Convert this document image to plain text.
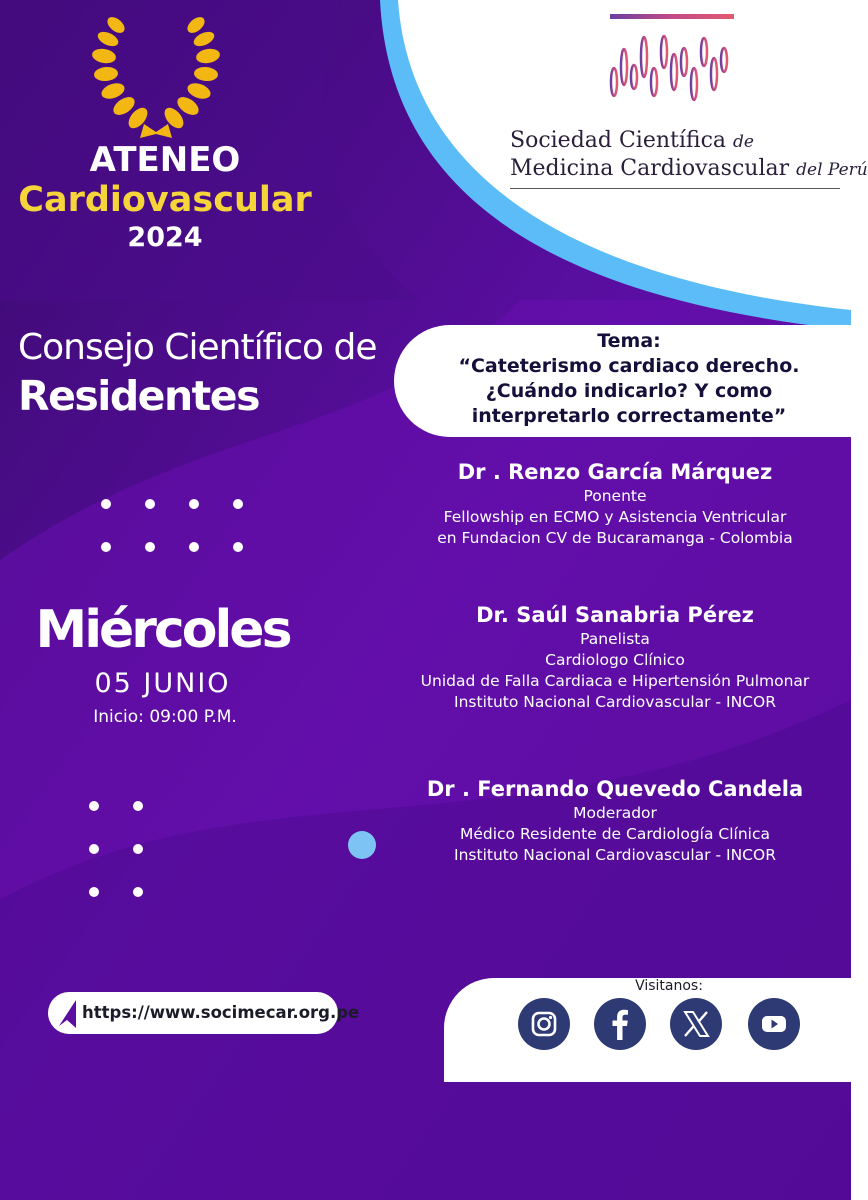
ATENEO
Cardiovascular
2024
Sociedad Científica de
Medicina Cardiovascular del Perú
Consejo Científico de
Residentes
Tema:
“Cateterismo cardiaco derecho.
¿Cuándo indicarlo? Y como
interpretarlo correctamente”
Miércoles
05 JUNIO
Inicio: 09:00 P.M.
Dr . Renzo García Márquez
Ponente
Fellowship en ECMO y Asistencia Ventricular
en Fundacion CV de Bucaramanga - Colombia
Dr. Saúl Sanabria Pérez
Panelista
Cardiologo Clínico
Unidad de Falla Cardiaca e Hipertensión Pulmonar
Instituto Nacional Cardiovascular - INCOR
Dr . Fernando Quevedo Candela
Moderador
Médico Residente de Cardiología Clínica
Instituto Nacional Cardiovascular - INCOR
https://www.socimecar.org.pe
Visitanos:
